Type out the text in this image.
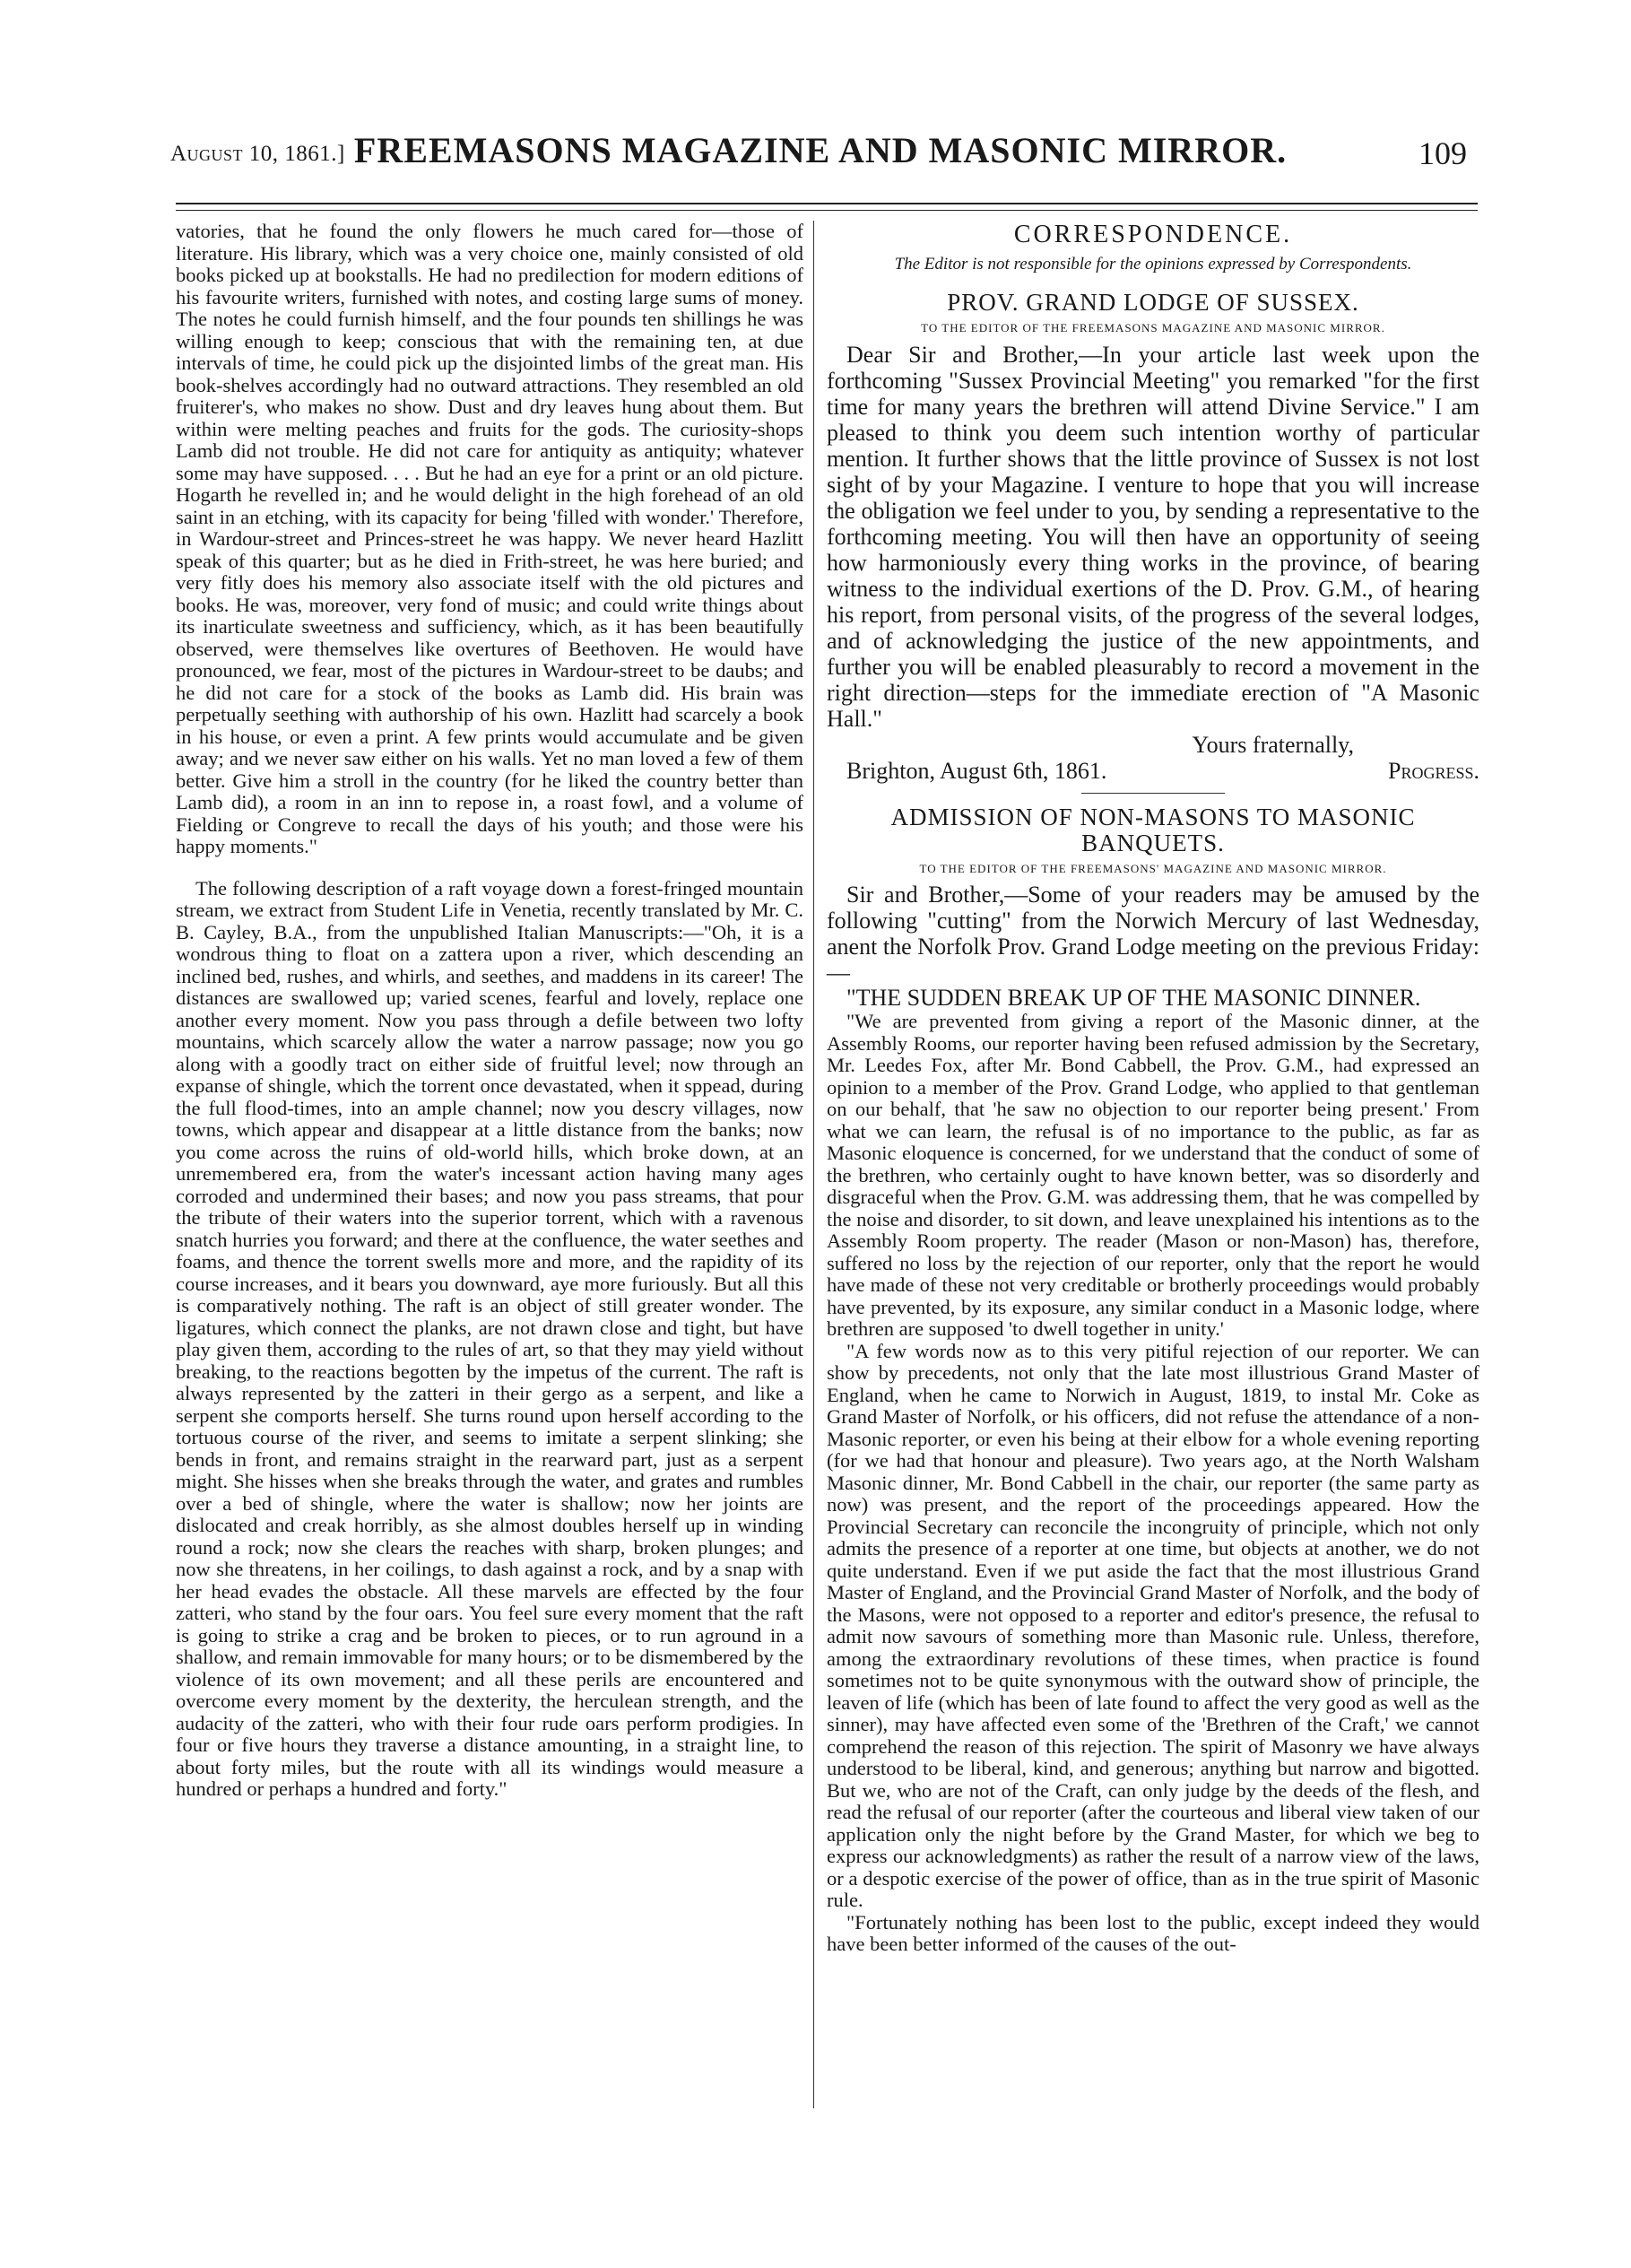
August 10, 1861.] FREEMASONS MAGAZINE AND MASONIC MIRROR.	109

vatories, that he found the only flowers he much cared for—those of literature. His library, which was a very choice one, mainly consisted of old books picked up at bookstalls. He had no predilection for modern editions of his favourite writers, furnished with notes, and costing large sums of money. The notes he could furnish himself, and the four pounds ten shillings he was willing enough to keep; conscious that with the remaining ten, at due intervals of time, he could pick up the disjointed limbs of the great man. His book-shelves accordingly had no outward attractions. They resembled an old fruiterer's, who makes no show. Dust and dry leaves hung about them. But within were melting peaches and fruits for the gods. The curiosity-shops Lamb did not trouble. He did not care for antiquity as antiquity; whatever some may have supposed. . . . But he had an eye for a print or an old picture. Hogarth he revelled in; and he would delight in the high forehead of an old saint in an etching, with its capacity for being 'filled with wonder.' Therefore, in Wardour-street and Princes-street he was happy. We never heard Hazlitt speak of this quarter; but as he died in Frith-street, he was here buried; and very fitly does his memory also associate itself with the old pictures and books. He was, moreover, very fond of music; and could write things about its inarticulate sweetness and sufficiency, which, as it has been beautifully observed, were themselves like overtures of Beethoven. He would have pronounced, we fear, most of the pictures in Wardour-street to be daubs; and he did not care for a stock of the books as Lamb did. His brain was perpetually seething with authorship of his own. Hazlitt had scarcely a book in his house, or even a print. A few prints would accumulate and be given away; and we never saw either on his walls. Yet no man loved a few of them better. Give him a stroll in the country (for he liked the country better than Lamb did), a room in an inn to repose in, a roast fowl, and a volume of Fielding or Congreve to recall the days of his youth; and those were his happy moments."

The following description of a raft voyage down a forest-fringed mountain stream, we extract from Student Life in Venetia, recently translated by Mr. C. B. Cayley, B.A., from the unpublished Italian Manuscripts:—"Oh, it is a wondrous thing to float on a zattera upon a river, which descending an inclined bed, rushes, and whirls, and seethes, and maddens in its career! The distances are swallowed up; varied scenes, fearful and lovely, replace one another every moment. Now you pass through a defile between two lofty mountains, which scarcely allow the water a narrow passage; now you go along with a goodly tract on either side of fruitful level; now through an expanse of shingle, which the torrent once devastated, when it sppead, during the full flood-times, into an ample channel; now you descry villages, now towns, which appear and disappear at a little distance from the banks; now you come across the ruins of old-world hills, which broke down, at an unremembered era, from the water's incessant action having many ages corroded and undermined their bases; and now you pass streams, that pour the tribute of their waters into the superior torrent, which with a ravenous snatch hurries you forward; and there at the confluence, the water seethes and foams, and thence the torrent swells more and more, and the rapidity of its course increases, and it bears you downward, aye more furiously. But all this is comparatively nothing. The raft is an object of still greater wonder. The ligatures, which connect the planks, are not drawn close and tight, but have play given them, according to the rules of art, so that they may yield without breaking, to the reactions begotten by the impetus of the current. The raft is always represented by the zatteri in their gergo as a serpent, and like a serpent she comports herself. She turns round upon herself according to the tortuous course of the river, and seems to imitate a serpent slinking; she bends in front, and remains straight in the rearward part, just as a serpent might. She hisses when she breaks through the water, and grates and rumbles over a bed of shingle, where the water is shallow; now her joints are dislocated and creak horribly, as she almost doubles herself up in winding round a rock; now she clears the reaches with sharp, broken plunges; and now she threatens, in her coilings, to dash against a rock, and by a snap with her head evades the obstacle. All these marvels are effected by the four zatteri, who stand by the four oars. You feel sure every moment that the raft is going to strike a crag and be broken to pieces, or to run aground in a shallow, and remain immovable for many hours; or to be dismembered by the violence of its own movement; and all these perils are encountered and overcome every moment by the dexterity, the herculean strength, and the audacity of the zatteri, who with their four rude oars perform prodigies. In four or five hours they traverse a distance amounting, in a straight line, to about forty miles, but the route with all its windings would measure a hundred or perhaps a hundred and forty."

CORRESPONDENCE.
The Editor is not responsible for the opinions expressed by Correspondents.
PROV. GRAND LODGE OF SUSSEX.
TO THE EDITOR OF THE FREEMASONS MAGAZINE AND MASONIC MIRROR.

Dear Sir and Brother,—In your article last week upon the forthcoming "Sussex Provincial Meeting" you remarked "for the first time for many years the brethren will attend Divine Service." I am pleased to think you deem such intention worthy of particular mention. It further shows that the little province of Sussex is not lost sight of by your Magazine. I venture to hope that you will increase the obligation we feel under to you, by sending a representative to the forthcoming meeting. You will then have an opportunity of seeing how harmoniously every thing works in the province, of bearing witness to the individual exertions of the D. Prov. G.M., of hearing his report, from personal visits, of the progress of the several lodges, and of acknowledging the justice of the new appointments, and further you will be enabled pleasurably to record a movement in the right direction—steps for the immediate erection of "A Masonic Hall."

Yours fraternally,
Brighton, August 6th, 1861.	Progress.
ADMISSION OF NON-MASONS TO MASONIC BANQUETS.
TO THE EDITOR OF THE FREEMASONS' MAGAZINE AND MASONIC MIRROR.

Sir and Brother,—Some of your readers may be amused by the following "cutting" from the Norwich Mercury of last Wednesday, anent the Norfolk Prov. Grand Lodge meeting on the previous Friday:—

"THE SUDDEN BREAK UP OF THE MASONIC DINNER.

"We are prevented from giving a report of the Masonic dinner, at the Assembly Rooms, our reporter having been refused admission by the Secretary, Mr. Leedes Fox, after Mr. Bond Cabbell, the Prov. G.M., had expressed an opinion to a member of the Prov. Grand Lodge, who applied to that gentleman on our behalf, that 'he saw no objection to our reporter being present.' From what we can learn, the refusal is of no importance to the public, as far as Masonic eloquence is concerned, for we understand that the conduct of some of the brethren, who certainly ought to have known better, was so disorderly and disgraceful when the Prov. G.M. was addressing them, that he was compelled by the noise and disorder, to sit down, and leave unexplained his intentions as to the Assembly Room property. The reader (Mason or non-Mason) has, therefore, suffered no loss by the rejection of our reporter, only that the report he would have made of these not very creditable or brotherly proceedings would probably have prevented, by its exposure, any similar conduct in a Masonic lodge, where brethren are supposed 'to dwell together in unity.'

"A few words now as to this very pitiful rejection of our reporter. We can show by precedents, not only that the late most illustrious Grand Master of England, when he came to Norwich in August, 1819, to instal Mr. Coke as Grand Master of Norfolk, or his officers, did not refuse the attendance of a non-Masonic reporter, or even his being at their elbow for a whole evening reporting (for we had that honour and pleasure). Two years ago, at the North Walsham Masonic dinner, Mr. Bond Cabbell in the chair, our reporter (the same party as now) was present, and the report of the proceedings appeared. How the Provincial Secretary can reconcile the incongruity of principle, which not only admits the presence of a reporter at one time, but objects at another, we do not quite understand. Even if we put aside the fact that the most illustrious Grand Master of England, and the Provincial Grand Master of Norfolk, and the body of the Masons, were not opposed to a reporter and editor's presence, the refusal to admit now savours of something more than Masonic rule. Unless, therefore, among the extraordinary revolutions of these times, when practice is found sometimes not to be quite synonymous with the outward show of principle, the leaven of life (which has been of late found to affect the very good as well as the sinner), may have affected even some of the 'Brethren of the Craft,' we cannot comprehend the reason of this rejection. The spirit of Masonry we have always understood to be liberal, kind, and generous; anything but narrow and bigotted. But we, who are not of the Craft, can only judge by the deeds of the flesh, and read the refusal of our reporter (after the courteous and liberal view taken of our application only the night before by the Grand Master, for which we beg to express our acknowledgments) as rather the result of a narrow view of the laws, or a despotic exercise of the power of office, than as in the true spirit of Masonic rule.

"Fortunately nothing has been lost to the public, except indeed they would have been better informed of the causes of the out-
